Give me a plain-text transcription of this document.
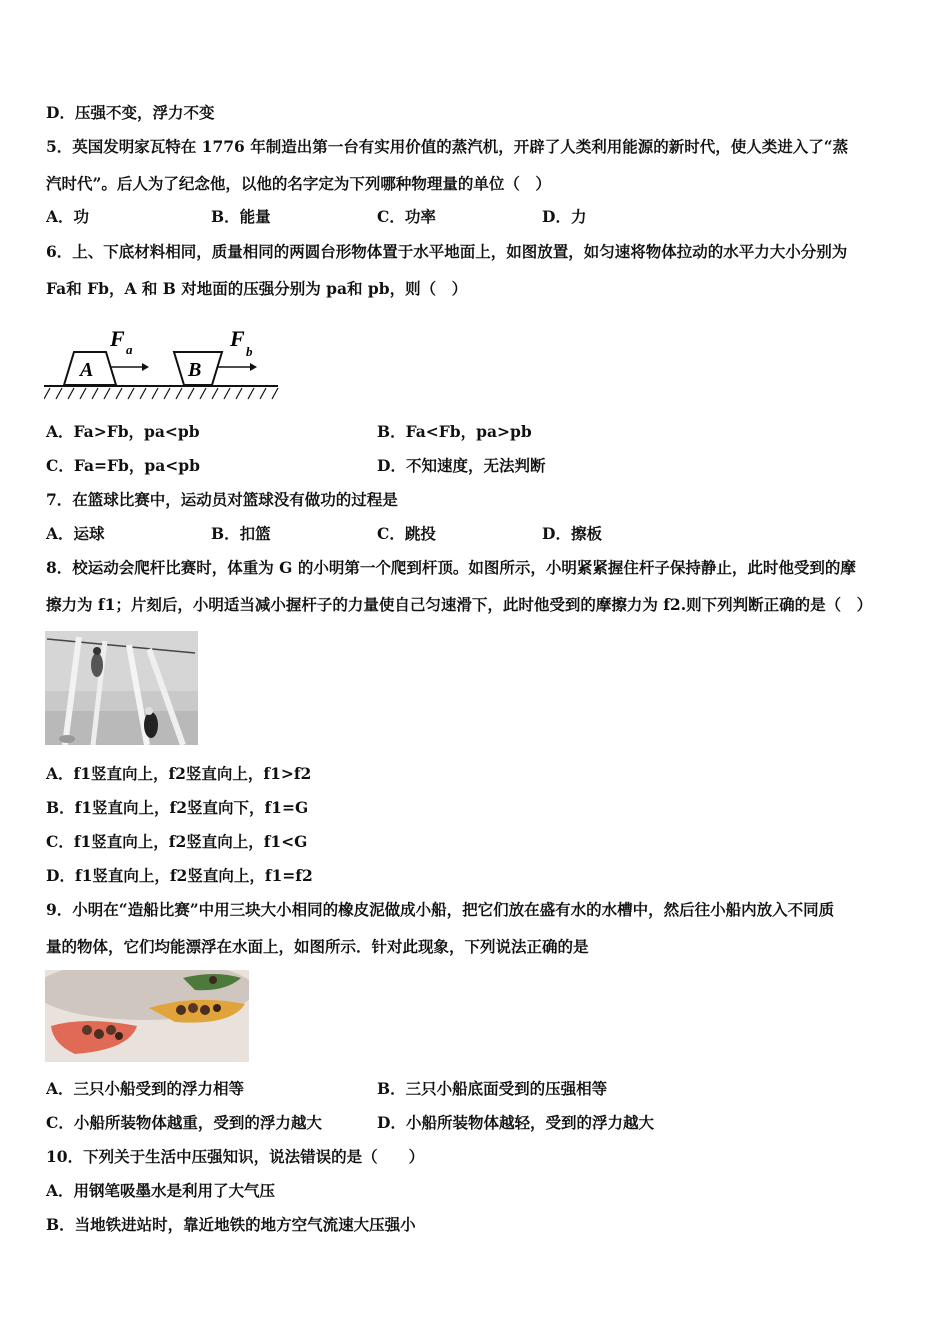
D．压强不变，浮力不变
5．英国发明家瓦特在 1776 年制造出第一台有实用价值的蒸汽机，开辟了人类利用能源的新时代，使人类进入了“蒸
汽时代”。后人为了纪念他，以他的名字定为下列哪种物理量的单位（　）
A．功	B．能量	C．功率	D．力
6．上、下底材料相同，质量相同的两圆台形物体置于水平地面上，如图放置，如匀速将物体拉动的水平力大小分别为
Fa和 Fb，A 和 B 对地面的压强分别为 pa和 pb，则（　）
A	B
F a	F
b
A．Fa>Fb，pa<pb	B．Fa<Fb，pa>pb
C．Fa=Fb，pa<pb	D．不知速度，无法判断
7．在篮球比赛中，运动员对篮球没有做功的过程是
A．运球	B．扣篮	C．跳投	D．擦板
8．校运动会爬杆比赛时，体重为 G 的小明第一个爬到杆顶。如图所示，小明紧紧握住杆子保持静止，此时他受到的摩
擦力为 f1；片刻后，小明适当减小握杆子的力量使自己匀速滑下，此时他受到的摩擦力为 f2.则下列判断正确的是（　）
A．f1竖直向上，f2竖直向上，f1>f2
B．f1竖直向上，f2竖直向下，f1=G
C．f1竖直向上，f2竖直向上，f1<G
D．f1竖直向上，f2竖直向上，f1=f2
9．小明在“造船比赛”中用三块大小相同的橡皮泥做成小船，把它们放在盛有水的水槽中，然后往小船内放入不同质
量的物体，它们均能漂浮在水面上，如图所示．针对此现象，下列说法正确的是
A．三只小船受到的浮力相等	B．三只小船底面受到的压强相等
C．小船所装物体越重，受到的浮力越大	D．小船所装物体越轻，受到的浮力越大
10．下列关于生活中压强知识，说法错误的是（　　）
A．用钢笔吸墨水是利用了大气压
B．当地铁进站时，靠近地铁的地方空气流速大压强小
